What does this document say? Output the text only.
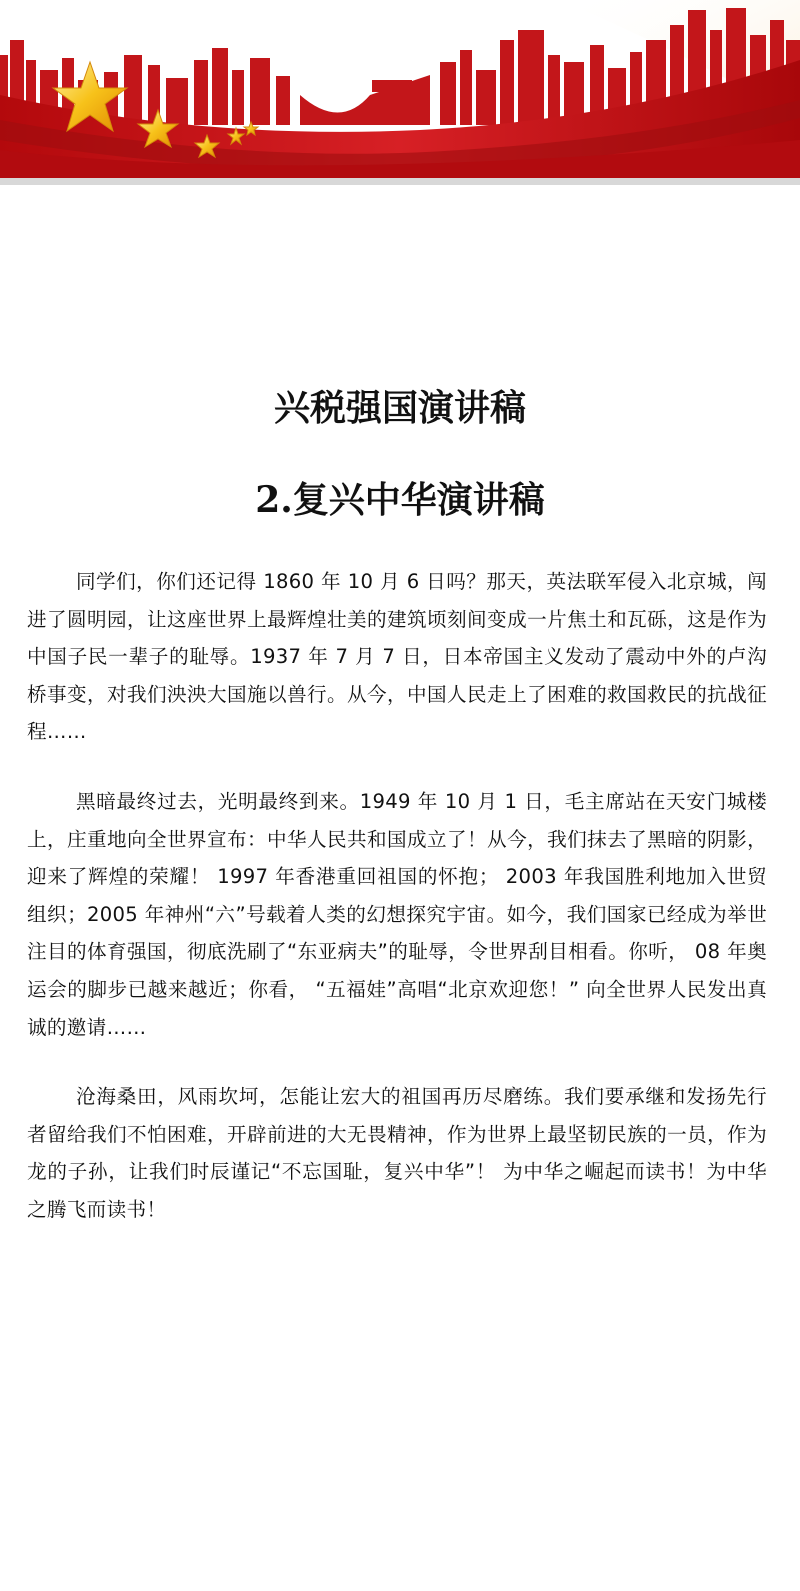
兴税强国演讲稿
2.复兴中华演讲稿

同学们，你们还记得 1860 年 10 月 6 日吗？那天，英法联军侵入北京城，闯进了圆明园，让这座世界上最辉煌壮美的建筑顷刻间变成一片焦土和瓦砾，这是作为中国子民一辈子的耻辱。1937 年 7 月 7 日，日本帝国主义发动了震动中外的卢沟桥事变，对我们泱泱大国施以兽行。从今，中国人民走上了困难的救国救民的抗战征程……

黑暗最终过去，光明最终到来。1949 年 10 月 1 日，毛主席站在天安门城楼上，庄重地向全世界宣布：中华人民共和国成立了！从今，我们抹去了黑暗的阴影，迎来了辉煌的荣耀！ 1997 年香港重回祖国的怀抱； 2003 年我国胜利地加入世贸组织；2005 年神州“六”号载着人类的幻想探究宇宙。如今，我们国家已经成为举世注目的体育强国，彻底洗刷了“东亚病夫”的耻辱，令世界刮目相看。你听， 08 年奥运会的脚步已越来越近；你看， “五福娃”高唱“北京欢迎您！” 向全世界人民发出真诚的邀请……

沧海桑田，风雨坎坷，怎能让宏大的祖国再历尽磨练。我们要承继和发扬先行者留给我们不怕困难，开辟前进的大无畏精神，作为世界上最坚韧民族的一员，作为龙的子孙，让我们时辰谨记“不忘国耻，复兴中华”！ 为中华之崛起而读书！为中华之腾飞而读书！
